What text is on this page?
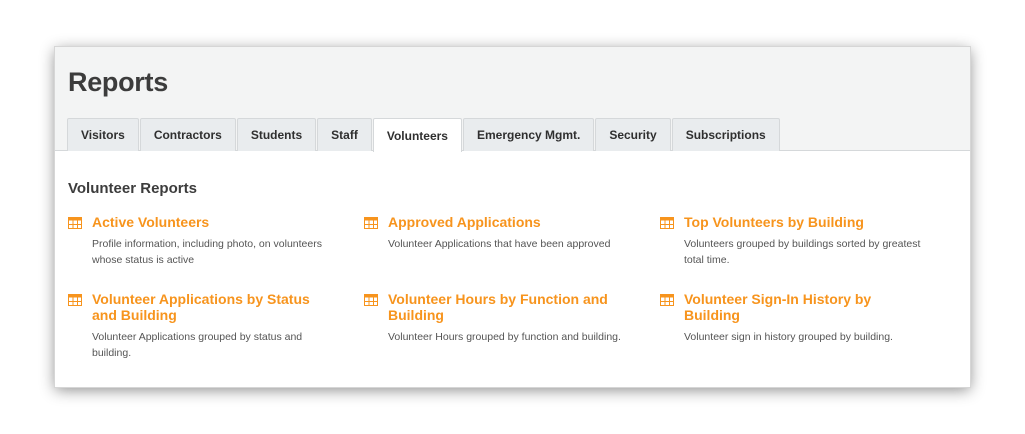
Reports
Visitors	Contractors	Students	Staff	Volunteers	Emergency Mgmt.	Security	Subscriptions
Volunteer Reports
Active Volunteers
Profile information, including photo, on volunteers whose status is active
Approved Applications
Volunteer Applications that have been approved
Top Volunteers by Building
Volunteers grouped by buildings sorted by greatest total time.
Volunteer Applications by Status and Building
Volunteer Applications grouped by status and building.
Volunteer Hours by Function and Building
Volunteer Hours grouped by function and building.
Volunteer Sign-In History by Building
Volunteer sign in history grouped by building.
